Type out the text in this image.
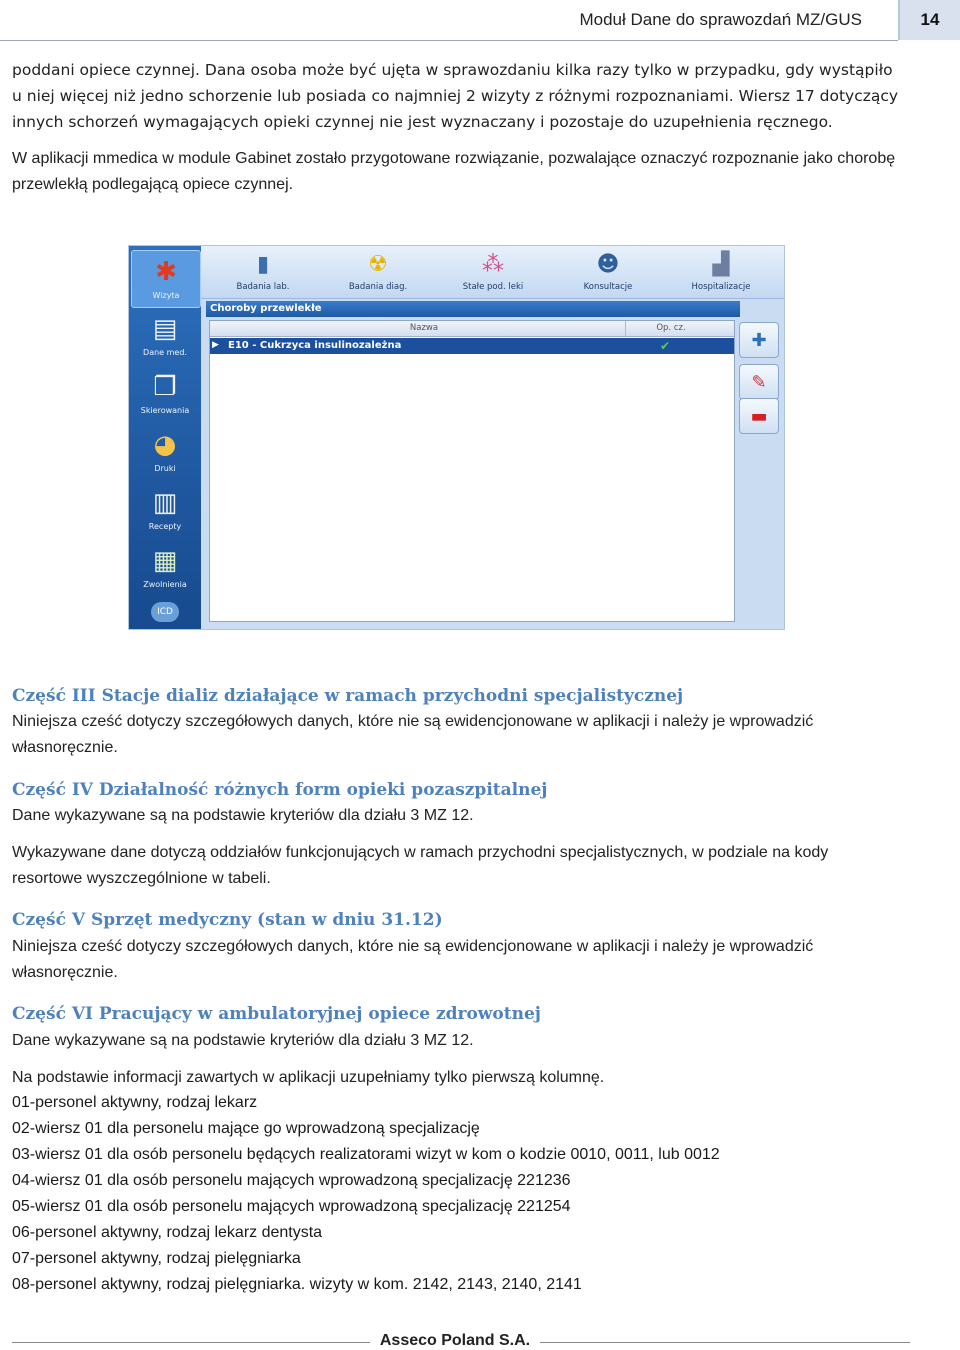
Moduł Dane do sprawozdań MZ/GUS	14
poddani opiece czynnej. Dana osoba może być ujęta w sprawozdaniu kilka razy tylko w przypadku, gdy wystąpiło u niej więcej niż jedno schorzenie lub posiada co najmniej 2 wizyty z różnymi rozpoznaniami. Wiersz 17 dotyczący innych schorzeń wymagających opieki czynnej nie jest wyznaczany i pozostaje do uzupełnienia ręcznego.
W aplikacji mmedica w module Gabinet zostało przygotowane rozwiązanie, pozwalające oznaczyć rozpoznanie jako chorobę przewlekłą podlegającą opiece czynnej.
✱
Wizyta
▤
Dane med.
❐
Skierowania
◕
Druki
▥
Recepty
▦
Zwolnienia
ICD
▮
Badania lab.
☢
Badania diag.
⁂
Stałe pod. leki
☻
Konsultacje
▟
Hospitalizacje
Choroby przewlekłe
Nazwa	Op. cz.
▶ E10 - Cukrzyca insulinozależna	✔	✚
✎
▬
Część III Stacje dializ działające w ramach przychodni specjalistycznej
Niniejsza cześć dotyczy szczegółowych danych, które nie są ewidencjonowane w aplikacji i należy je wprowadzić własnoręcznie.
Część IV Działalność różnych form opieki pozaszpitalnej
Dane wykazywane są na podstawie kryteriów dla działu 3 MZ 12.
Wykazywane dane dotyczą oddziałów funkcjonujących w ramach przychodni specjalistycznych, w podziale na kody resortowe wyszczególnione w tabeli.
Część V Sprzęt medyczny (stan w dniu 31.12)
Niniejsza cześć dotyczy szczegółowych danych, które nie są ewidencjonowane w aplikacji i należy je wprowadzić własnoręcznie.
Część VI Pracujący w ambulatoryjnej opiece zdrowotnej
Dane wykazywane są na podstawie kryteriów dla działu 3 MZ 12.
Na podstawie informacji zawartych w aplikacji uzupełniamy tylko pierwszą kolumnę.
01-personel aktywny, rodzaj lekarz
02-wiersz 01 dla personelu mające go wprowadzoną specjalizację
03-wiersz 01 dla osób personelu będących realizatorami wizyt w kom o kodzie 0010, 0011, lub 0012
04-wiersz 01 dla osób personelu mających wprowadzoną specjalizację 221236
05-wiersz 01 dla osób personelu mających wprowadzoną specjalizację 221254
06-personel aktywny, rodzaj lekarz dentysta
07-personel aktywny, rodzaj pielęgniarka
08-personel aktywny, rodzaj pielęgniarka. wizyty w kom. 2142, 2143, 2140, 2141
Asseco Poland S.A.
